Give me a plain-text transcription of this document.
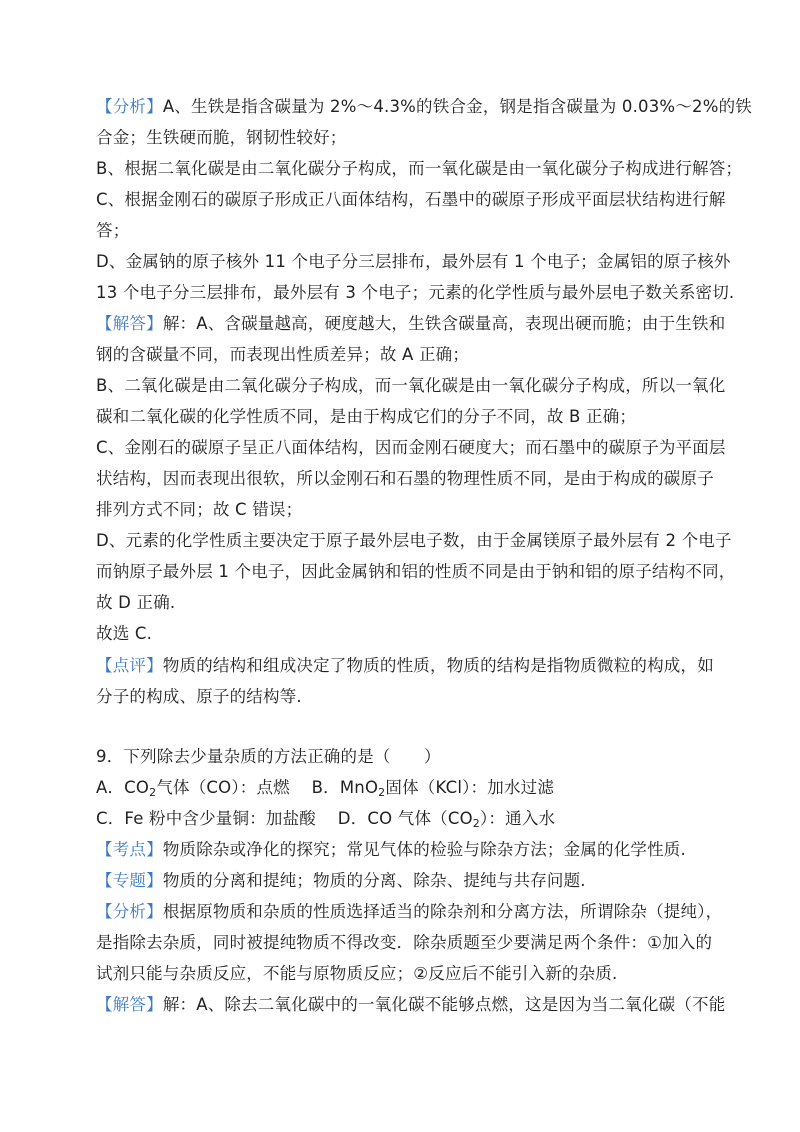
【分析】A、生铁是指含碳量为 2%～4.3%的铁合金，钢是指含碳量为 0.03%～2%的铁
合金；生铁硬而脆，钢韧性较好；
B、根据二氧化碳是由二氧化碳分子构成，而一氧化碳是由一氧化碳分子构成进行解答；
C、根据金刚石的碳原子形成正八面体结构，石墨中的碳原子形成平面层状结构进行解
答；
D、金属钠的原子核外 11 个电子分三层排布，最外层有 1 个电子；金属铝的原子核外
13 个电子分三层排布，最外层有 3 个电子；元素的化学性质与最外层电子数关系密切.
【解答】解：A、含碳量越高，硬度越大，生铁含碳量高，表现出硬而脆；由于生铁和
钢的含碳量不同，而表现出性质差异；故 A 正确；
B、二氧化碳是由二氧化碳分子构成，而一氧化碳是由一氧化碳分子构成，所以一氧化
碳和二氧化碳的化学性质不同，是由于构成它们的分子不同，故 B 正确；
C、金刚石的碳原子呈正八面体结构，因而金刚石硬度大；而石墨中的碳原子为平面层
状结构，因而表现出很软，所以金刚石和石墨的物理性质不同，是由于构成的碳原子
排列方式不同；故 C 错误；
D、元素的化学性质主要决定于原子最外层电子数，由于金属镁原子最外层有 2 个电子
而钠原子最外层 1 个电子，因此金属钠和铝的性质不同是由于钠和铝的原子结构不同，
故 D 正确.
故选 C.
【点评】物质的结构和组成决定了物质的性质，物质的结构是指物质微粒的构成，如
分子的构成、原子的结构等.
9．下列除去少量杂质的方法正确的是（　　）
A．$CO_2$气体（CO）：点燃 B．MnO$_2$固体（KCl）：加水过滤
C．Fe 粉中含少量铜：加盐酸 D．CO 气体$(CO_2)$：通入水
【考点】物质除杂或净化的探究；常见气体的检验与除杂方法；金属的化学性质.
【专题】物质的分离和提纯；物质的分离、除杂、提纯与共存问题.
【分析】根据原物质和杂质的性质选择适当的除杂剂和分离方法，所谓除杂（提纯），
是指除去杂质，同时被提纯物质不得改变．除杂质题至少要满足两个条件：①加入的
试剂只能与杂质反应，不能与原物质反应；②反应后不能引入新的杂质.
【解答】解：A、除去二氧化碳中的一氧化碳不能够点燃，这是因为当二氧化碳（不能
